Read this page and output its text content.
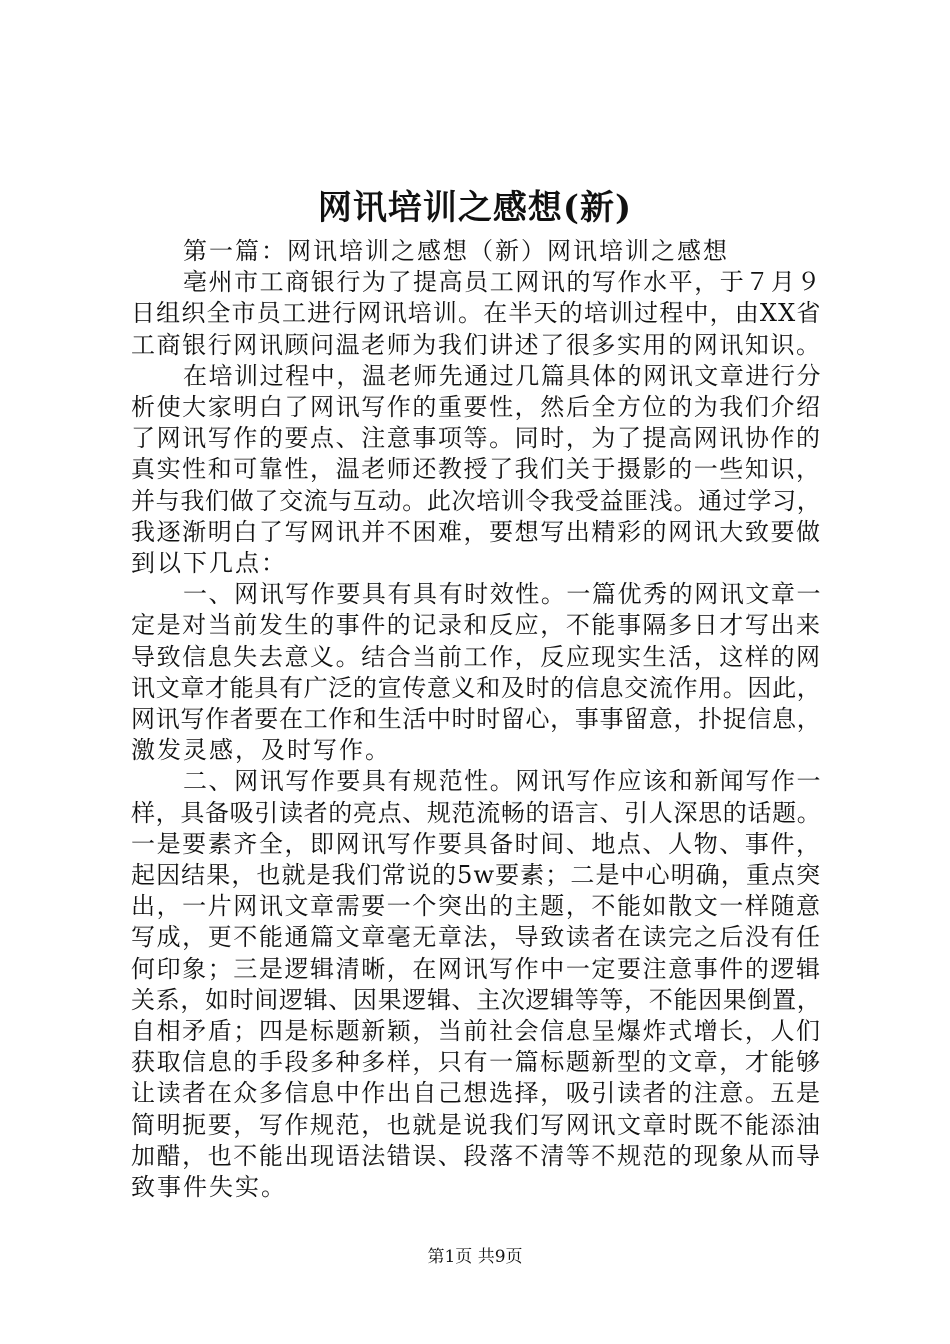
网讯培训之感想(新)

第一篇：网讯培训之感想（新）网讯培训之感想

亳州市工商银行为了提高员工网讯的写作水平，于７月９
日组织全市员工进行网讯培训。在半天的培训过程中，由XX省
工商银行网讯顾问温老师为我们讲述了很多实用的网讯知识。

在培训过程中，温老师先通过几篇具体的网讯文章进行分
析使大家明白了网讯写作的重要性，然后全方位的为我们介绍
了网讯写作的要点、注意事项等。同时，为了提高网讯协作的
真实性和可靠性，温老师还教授了我们关于摄影的一些知识，
并与我们做了交流与互动。此次培训令我受益匪浅。通过学习，
我逐渐明白了写网讯并不困难，要想写出精彩的网讯大致要做
到以下几点：

一、网讯写作要具有具有时效性。一篇优秀的网讯文章一
定是对当前发生的事件的记录和反应，不能事隔多日才写出来
导致信息失去意义。结合当前工作，反应现实生活，这样的网
讯文章才能具有广泛的宣传意义和及时的信息交流作用。因此，
网讯写作者要在工作和生活中时时留心，事事留意，扑捉信息，
激发灵感，及时写作。

二、网讯写作要具有规范性。网讯写作应该和新闻写作一
样，具备吸引读者的亮点、规范流畅的语言、引人深思的话题。
一是要素齐全，即网讯写作要具备时间、地点、人物、事件，
起因结果，也就是我们常说的5w要素；二是中心明确，重点突
出，一片网讯文章需要一个突出的主题，不能如散文一样随意
写成，更不能通篇文章毫无章法，导致读者在读完之后没有任
何印象；三是逻辑清晰，在网讯写作中一定要注意事件的逻辑
关系，如时间逻辑、因果逻辑、主次逻辑等等，不能因果倒置，
自相矛盾；四是标题新颖，当前社会信息呈爆炸式增长，人们
获取信息的手段多种多样，只有一篇标题新型的文章，才能够
让读者在众多信息中作出自己想选择，吸引读者的注意。五是
简明扼要，写作规范，也就是说我们写网讯文章时既不能添油
加醋，也不能出现语法错误、段落不清等不规范的现象从而导
致事件失实。

第1页 共9页
